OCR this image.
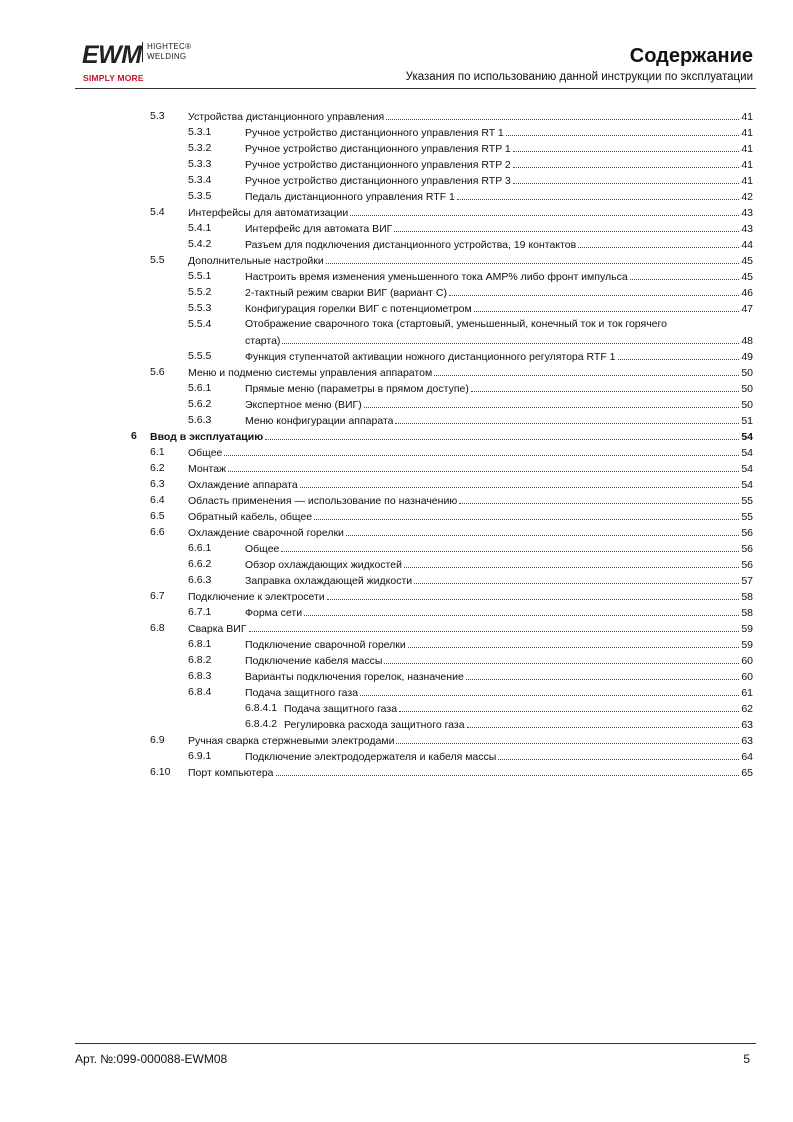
EWM HIGHTEC®
WELDING
SIMPLY MORE
Содержание
Указания по использованию данной инструкции по эксплуатации
5.3 Устройства дистанционного управления	41
5.3.1	Ручное устройство дистанционного управления RT 1	41
5.3.2	Ручное устройство дистанционного управления RTP 1	41
5.3.3	Ручное устройство дистанционного управления RTP 2	41
5.3.4	Ручное устройство дистанционного управления RTP 3	41
5.3.5	Педаль дистанционного управления RTF 1	42
5.4 Интерфейсы для автоматизации	43
5.4.1	Интерфейс для автомата ВИГ	43
5.4.2	Разъем для подключения дистанционного устройства, 19 контактов	44
5.5 Дополнительные настройки	45
5.5.1	Настроить время изменения уменьшенного тока AMP% либо фронт импульса	45
5.5.2	2-тактный режим сварки ВИГ (вариант С)	46
5.5.3	Конфигурация горелки ВИГ с потенциометром	47
5.5.4	Отображение сварочного тока (стартовый, уменьшенный, конечный ток и ток горячего
старта)	48
5.5.5	Функция ступенчатой активации ножного дистанционного регулятора RTF 1	49
5.6 Меню и подменю системы управления аппаратом	50
5.6.1	Прямые меню (параметры в прямом доступе)	50
5.6.2	Экспертное меню (ВИГ)	50
5.6.3	Меню конфигурации аппарата	51
6 Ввод в эксплуатацию	54
6.1 Общее	54
6.2 Монтаж	54
6.3 Охлаждение аппарата	54
6.4 Область применения — использование по назначению	55
6.5 Обратный кабель, общее	55
6.6 Охлаждение сварочной горелки	56
6.6.1	Общее	56
6.6.2	Обзор охлаждающих жидкостей	56
6.6.3	Заправка охлаждающей жидкости	57
6.7 Подключение к электросети	58
6.7.1	Форма сети	58
6.8 Сварка ВИГ	59
6.8.1	Подключение сварочной горелки	59
6.8.2	Подключение кабеля массы	60
6.8.3	Варианты подключения горелок, назначение	60
6.8.4	Подача защитного газа	61
6.8.4.1 Подача защитного газа	62
6.8.4.2 Регулировка расхода защитного газа	63
6.9 Ручная сварка стержневыми электродами	63
6.9.1	Подключение электрододержателя и кабеля массы	64
6.10 Порт компьютера	65
Арт. №:099-000088-EWM08	5
